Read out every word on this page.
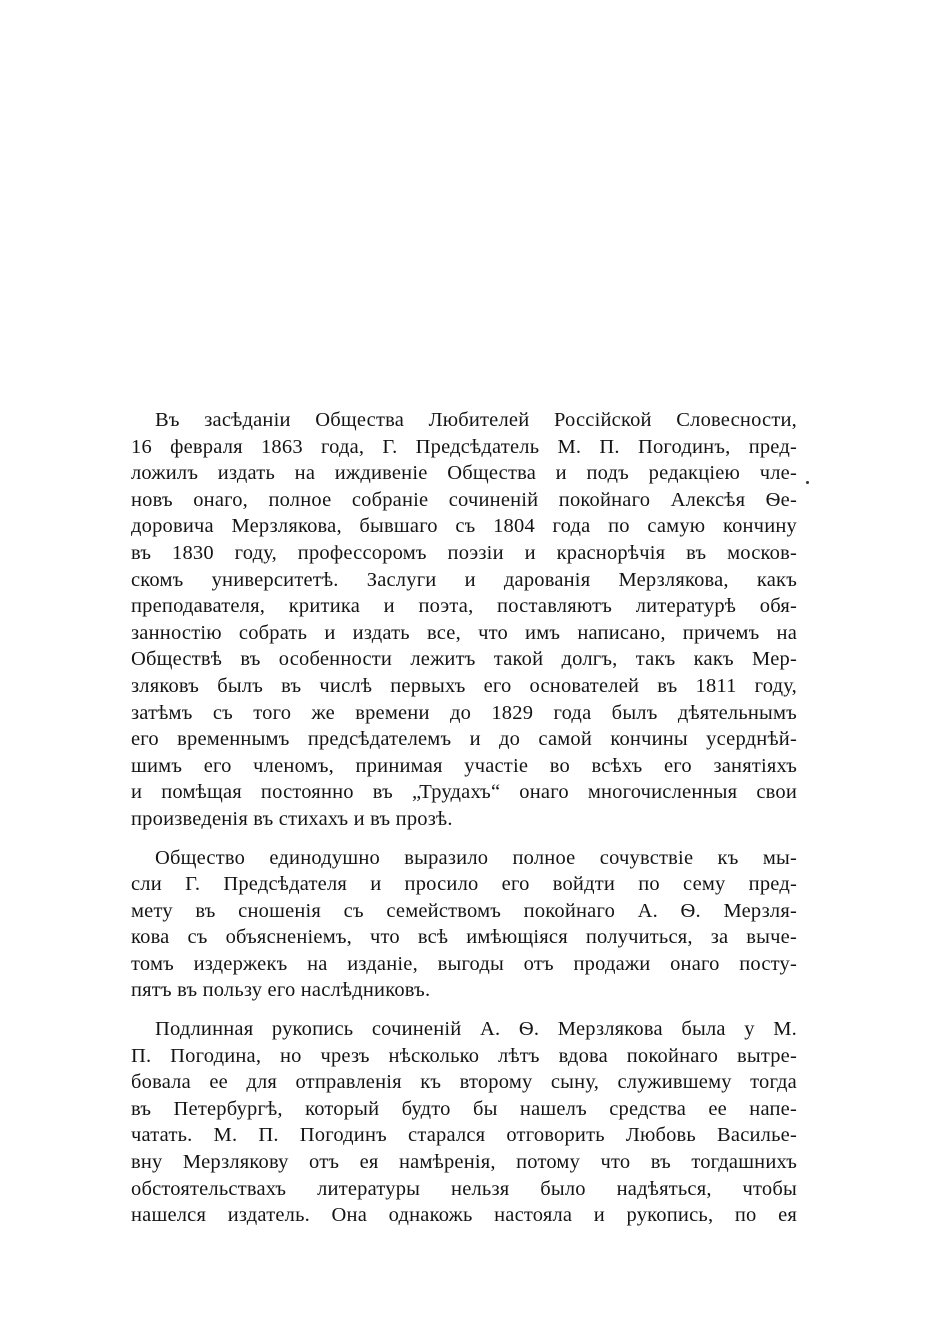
Въ засѣданіи Общества Любителей Россійской Словесности,
16 февраля 1863 года, Г. Предсѣдатель М. П. Погодинъ, пред-
ложилъ издать на иждивеніе Общества и подъ редакціею чле-
новъ онаго, полное собраніе сочиненій покойнаго Алексѣя Ѳе-
доровича Мерзлякова, бывшаго съ 1804 года по самую кончину
въ 1830 году, профессоромъ поэзіи и краснорѣчія въ москов-
скомъ университетѣ. Заслуги и дарованія Мерзлякова, какъ
преподавателя, критика и поэта, поставляютъ литературѣ обя-
занностію собрать и издать все, что имъ написано, причемъ на
Обществѣ въ особенности лежитъ такой долгъ, такъ какъ Мер-
зляковъ былъ въ числѣ первыхъ его основателей въ 1811 году,
затѣмъ съ того же времени до 1829 года былъ дѣятельнымъ
его временнымъ предсѣдателемъ и до самой кончины усерднѣй-
шимъ его членомъ, принимая участіе во всѣхъ его занятіяхъ
и помѣщая постоянно въ „Трудахъ“ онаго многочисленныя свои
произведенія въ стихахъ и въ прозѣ.
Общество единодушно выразило полное сочувствіе къ мы-
сли Г. Предсѣдателя и просило его войдти по сему пред-
мету въ сношенія съ семействомъ покойнаго А. Ѳ. Мерзля-
кова съ объясненіемъ, что всѣ имѣющіяся получиться, за выче-
томъ издержекъ на изданіе, выгоды отъ продажи онаго посту-
пятъ въ пользу его наслѣдниковъ.
Подлинная рукопись сочиненій А. Ѳ. Мерзлякова была у М.
П. Погодина, но чрезъ нѣсколько лѣтъ вдова покойнаго вытре-
бовала ее для отправленія къ второму сыну, служившему тогда
въ Петербургѣ, который будто бы нашелъ средства ее напе-
чатать. М. П. Погодинъ старался отговорить Любовь Василье-
вну Мерзлякову отъ ея намѣренія, потому что въ тогдашнихъ
обстоятельствахъ литературы нельзя было надѣяться, чтобы
нашелся издатель. Она однакожь настояла и рукопись, по ея
